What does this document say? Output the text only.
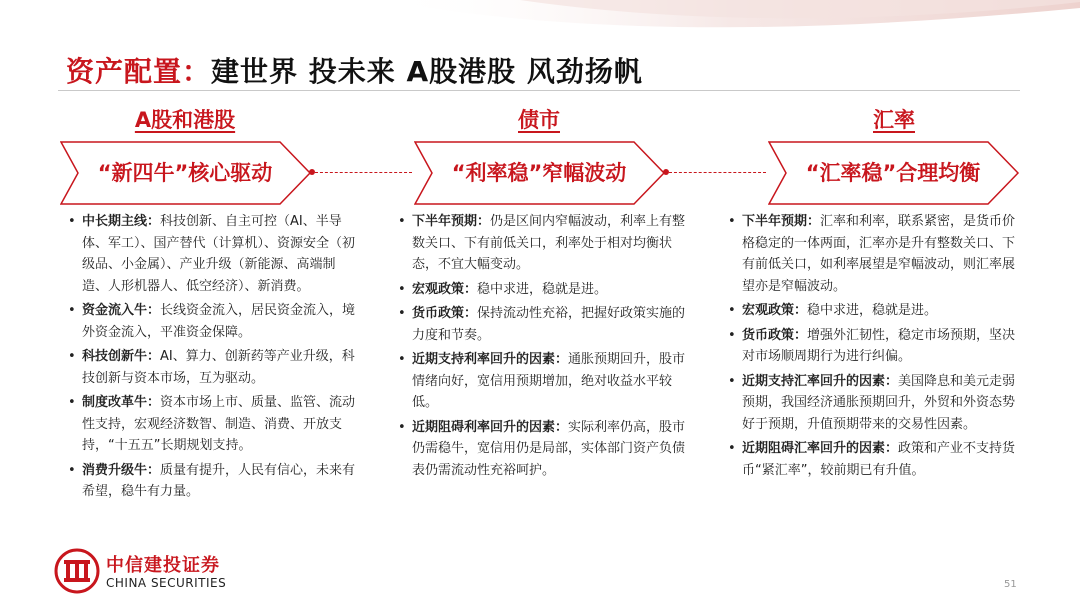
资产配置：建世界 投未来 A股港股 风劲扬帆
A股和港股	债市	汇率
“新四牛”核心驱动	“利率稳”窄幅波动	“汇率稳”合理均衡
• 中长期主线：科技创新、自主可控（AI、半导体、军工）、国产替代（计算机）、资源安全（初级品、小金属）、产业升级（新能源、高端制造、人形机器人、低空经济）、新消费。
• 资金流入牛：长线资金流入，居民资金流入，境外资金流入，平准资金保障。
• 科技创新牛：AI、算力、创新药等产业升级，科技创新与资本市场，互为驱动。
• 制度改革牛：资本市场上市、质量、监管、流动性支持，宏观经济数智、制造、消费、开放支持，“十五五”长期规划支持。
• 消费升级牛：质量有提升，人民有信心，未来有希望，稳牛有力量。
• 下半年预期：仍是区间内窄幅波动，利率上有整数关口、下有前低关口，利率处于相对均衡状态，不宜大幅变动。
• 宏观政策：稳中求进，稳就是进。
• 货币政策：保持流动性充裕，把握好政策实施的力度和节奏。
• 近期支持利率回升的因素：通胀预期回升，股市情绪向好，宽信用预期增加，绝对收益水平较低。
• 近期阻碍利率回升的因素：实际利率仍高，股市仍需稳牛，宽信用仍是局部，实体部门资产负债表仍需流动性充裕呵护。
• 下半年预期：汇率和利率，联系紧密，是货币价格稳定的一体两面，汇率亦是升有整数关口、下有前低关口，如利率展望是窄幅波动，则汇率展望亦是窄幅波动。
• 宏观政策：稳中求进，稳就是进。
• 货币政策：增强外汇韧性，稳定市场预期，坚决对市场顺周期行为进行纠偏。
• 近期支持汇率回升的因素：美国降息和美元走弱预期，我国经济通胀预期回升，外贸和外资态势好于预期，升值预期带来的交易性因素。
• 近期阻碍汇率回升的因素：政策和产业不支持货币“紧汇率”，较前期已有升值。
中信建投证券
CHINA SECURITIES	51
